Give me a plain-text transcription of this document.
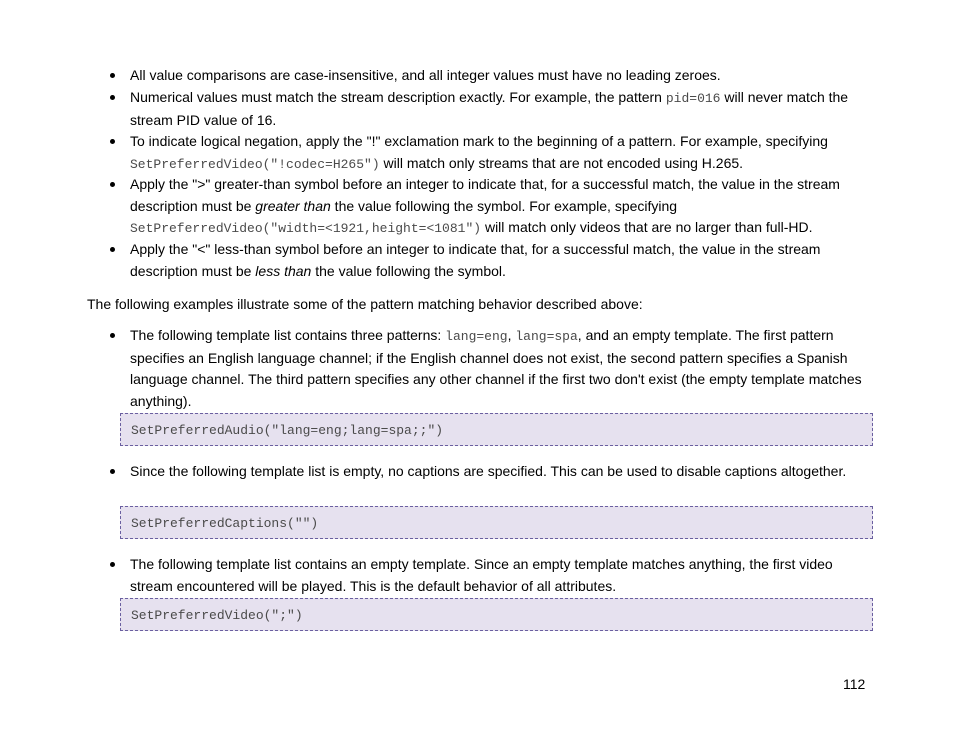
All value comparisons are case-insensitive, and all integer values must have no leading zeroes.
Numerical values must match the stream description exactly. For example, the pattern pid=016 will never match the stream PID value of 16.
To indicate logical negation, apply the "!" exclamation mark to the beginning of a pattern. For example, specifying SetPreferredVideo("!codec=H265") will match only streams that are not encoded using H.265.
Apply the ">" greater-than symbol before an integer to indicate that, for a successful match, the value in the stream description must be greater than the value following the symbol. For example, specifying SetPreferredVideo("width=<1921,height=<1081") will match only videos that are no larger than full-HD.
Apply the "<" less-than symbol before an integer to indicate that, for a successful match, the value in the stream description must be less than the value following the symbol.

The following examples illustrate some of the pattern matching behavior described above:

The following template list contains three patterns: lang=eng, lang=spa, and an empty template. The first pattern specifies an English language channel; if the English channel does not exist, the second pattern specifies a Spanish language channel. The third pattern specifies any other channel if the first two don't exist (the empty template matches anything).
Since the following template list is empty, no captions are specified. This can be used to disable captions altogether.
The following template list contains an empty template. Since an empty template matches anything, the first video stream encountered will be played. This is the default behavior of all attributes.
SetPreferredAudio("lang=eng;lang=spa;;")
SetPreferredCaptions("")
SetPreferredVideo(";")
112
